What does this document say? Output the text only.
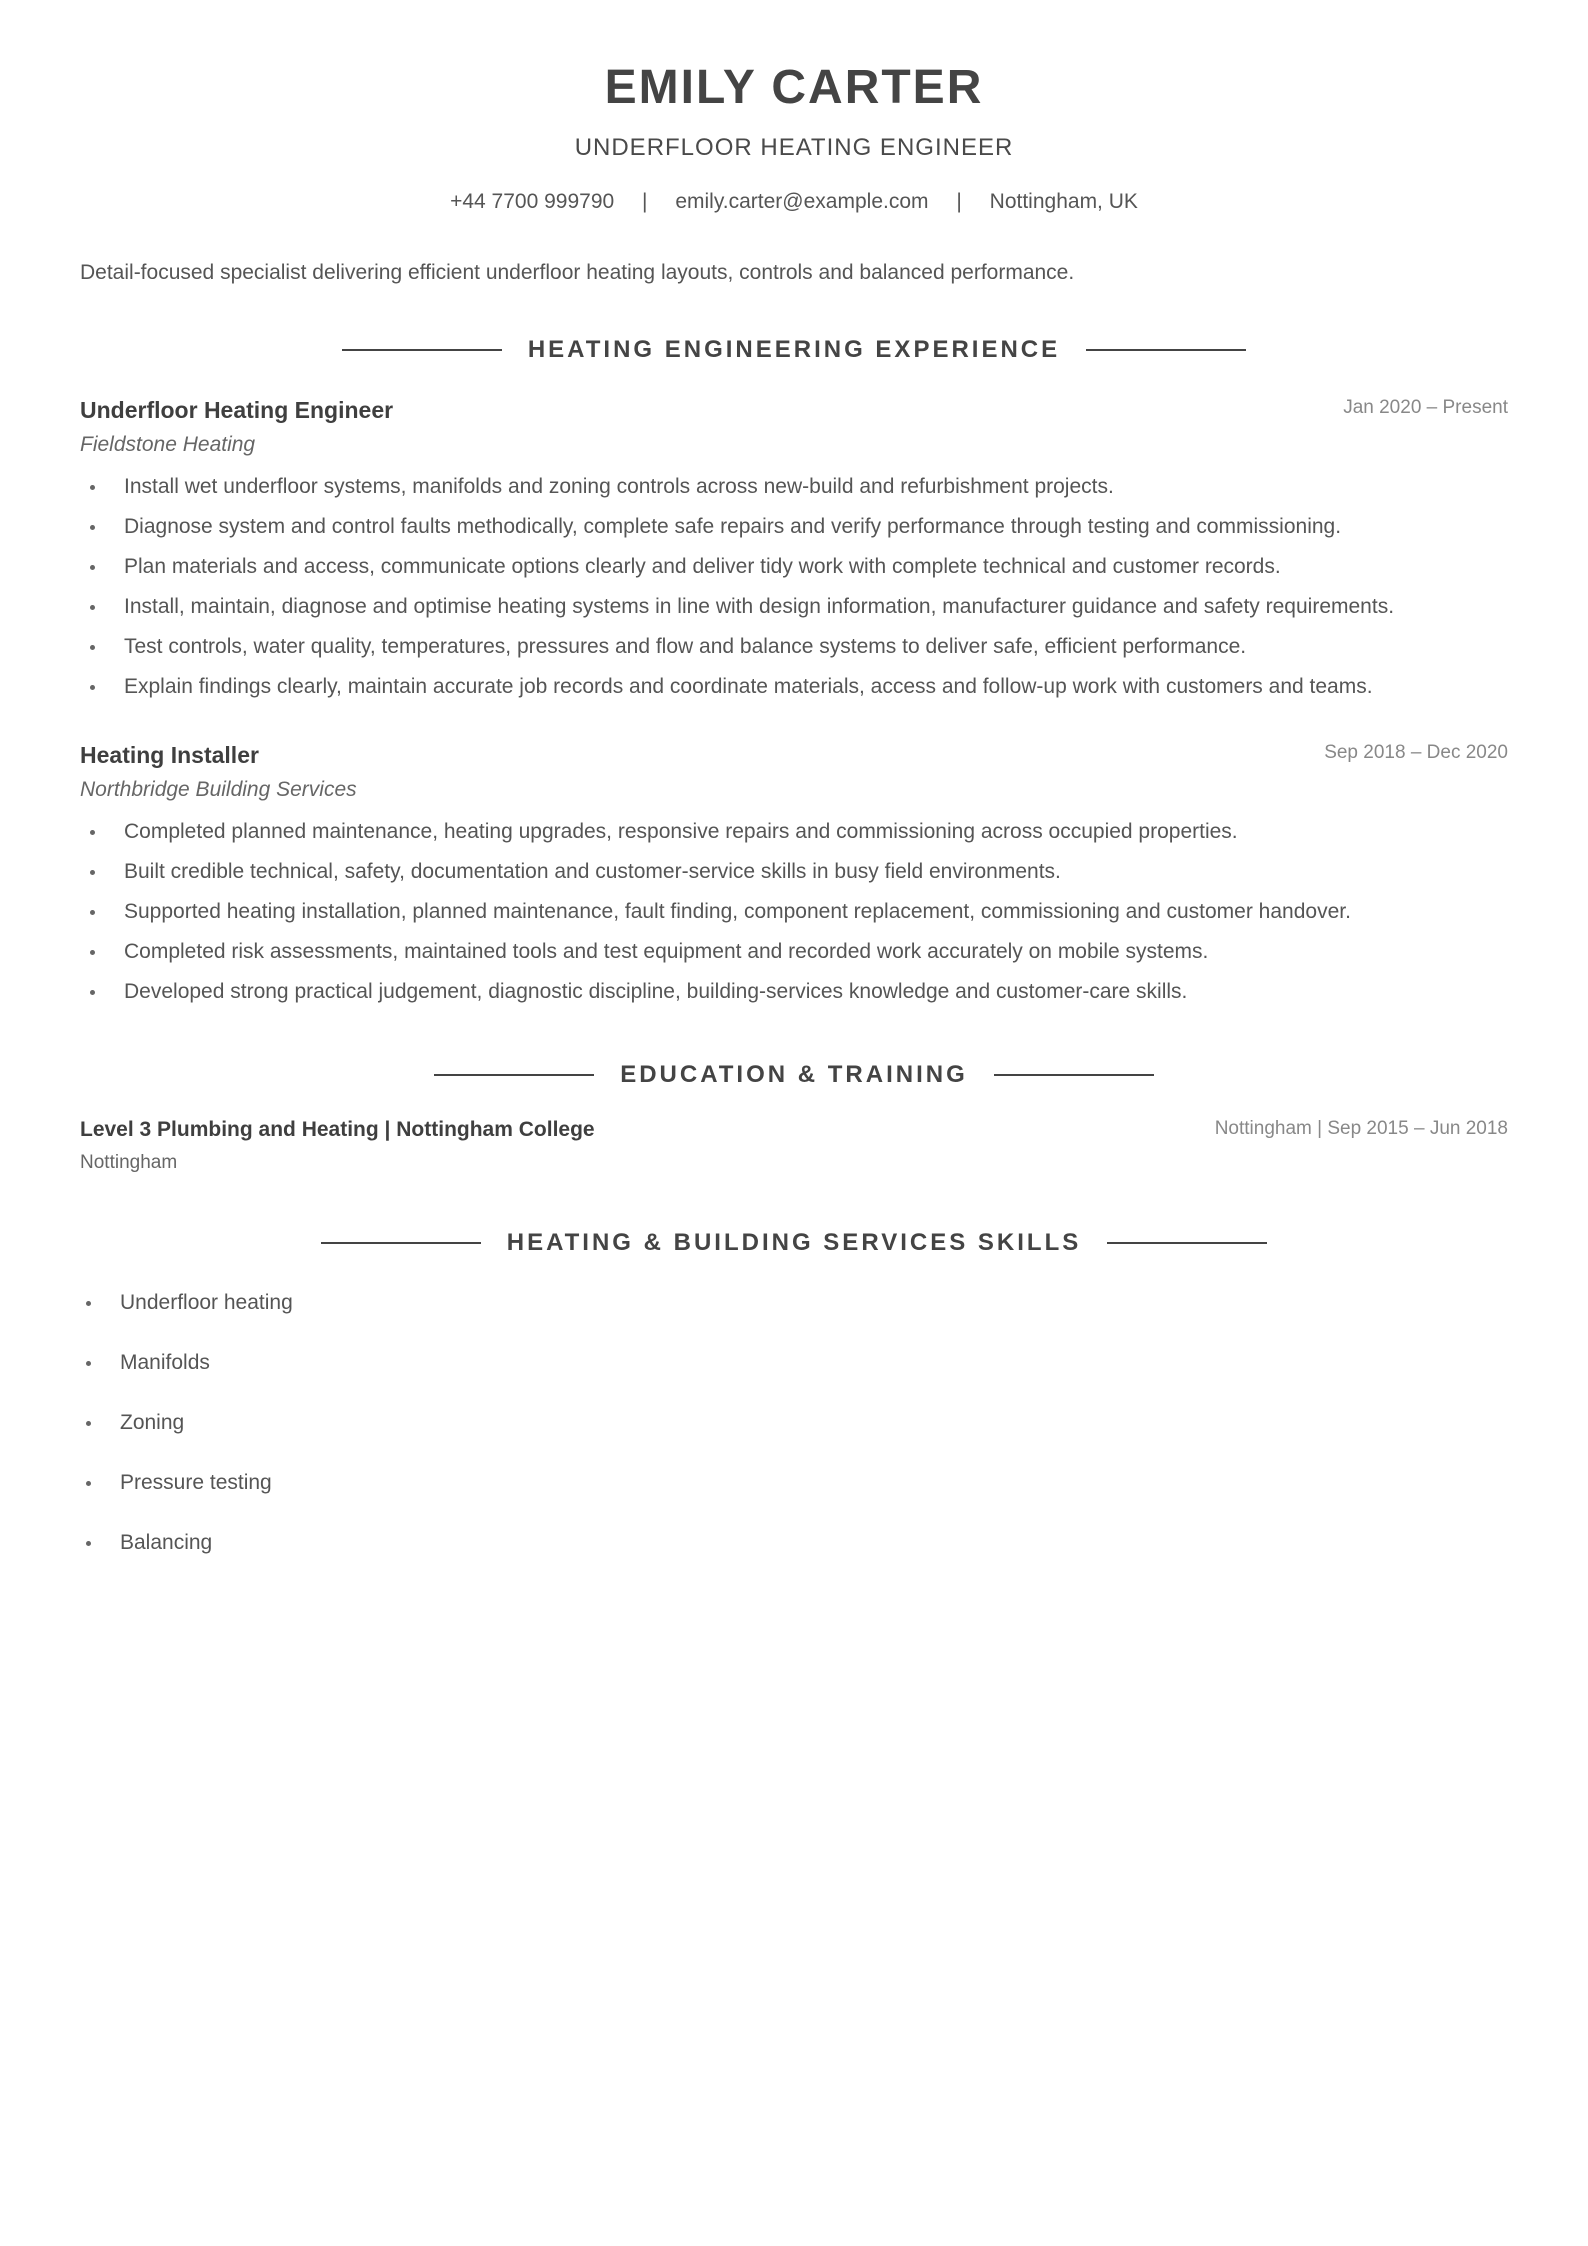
EMILY CARTER
UNDERFLOOR HEATING ENGINEER
+44 7700 999790 | emily.carter@example.com | Nottingham, UK
Detail-focused specialist delivering efficient underfloor heating layouts, controls and balanced performance.
HEATING ENGINEERING EXPERIENCE
Underfloor Heating Engineer	Jan 2020 – Present
Fieldstone Heating
Install wet underfloor systems, manifolds and zoning controls across new-build and refurbishment projects.
Diagnose system and control faults methodically, complete safe repairs and verify performance through testing and commissioning.
Plan materials and access, communicate options clearly and deliver tidy work with complete technical and customer records.
Install, maintain, diagnose and optimise heating systems in line with design information, manufacturer guidance and safety requirements.
Test controls, water quality, temperatures, pressures and flow and balance systems to deliver safe, efficient performance.
Explain findings clearly, maintain accurate job records and coordinate materials, access and follow-up work with customers and teams.
Heating Installer	Sep 2018 – Dec 2020
Northbridge Building Services
Completed planned maintenance, heating upgrades, responsive repairs and commissioning across occupied properties.
Built credible technical, safety, documentation and customer-service skills in busy field environments.
Supported heating installation, planned maintenance, fault finding, component replacement, commissioning and customer handover.
Completed risk assessments, maintained tools and test equipment and recorded work accurately on mobile systems.
Developed strong practical judgement, diagnostic discipline, building-services knowledge and customer-care skills.
EDUCATION & TRAINING
Level 3 Plumbing and Heating | Nottingham College	Nottingham | Sep 2015 – Jun 2018
Nottingham
HEATING & BUILDING SERVICES SKILLS
Underfloor heating
Manifolds
Zoning
Pressure testing
Balancing
